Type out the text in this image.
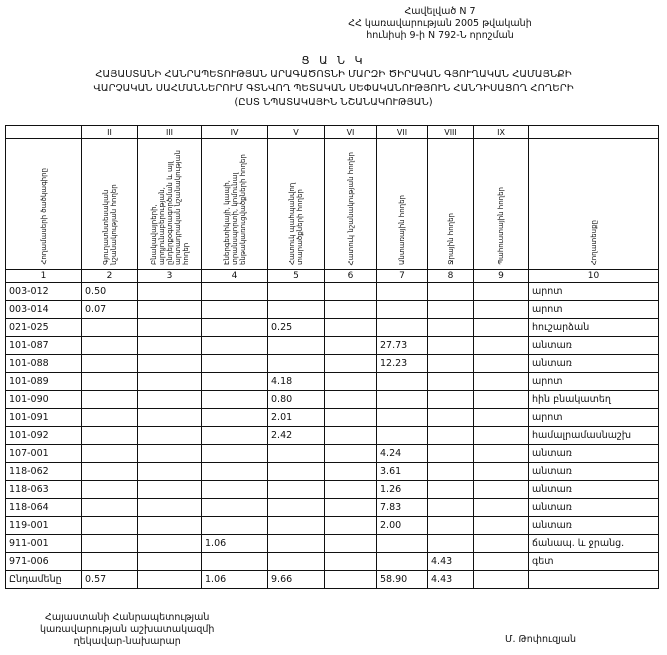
Հավելված N 7
ՀՀ կառավարության 2005 թվականի
հունիսի 9-ի N 792-Ն որոշման
Ց Ա Ն Կ
ՀԱՅԱՍՏԱՆԻ ՀԱՆՐԱՊԵՏՈՒԹՅԱՆ ԱՐԱԳԱԾՈՏՆԻ ՄԱՐԶԻ ԾԻՐԱԿԱՆ ԳՅՈՒՂԱԿԱՆ ՀԱՄԱՅՆՔԻ
ՎԱՐՉԱԿԱՆ ՍԱՀՄԱՆՆԵՐՈՒՄ ԳՏՆՎՈՂ ՊԵՏԱԿԱՆ ՍԵՓԱԿԱՆՈՒԹՅՈՒՆ ՀԱՆԴԻՍԱՑՈՂ ՀՈՂԵՐԻ
(ԸՍՏ ՆՊԱՏԱԿԱՅԻՆ ՆՇԱՆԱԿՈՒԹՅԱՆ)
	II	III	IV	V	VI	VII	VIII	IX	

Հողամասերի ծածկագիրը	Գյուղատնտեսական նշանակության հողեր	Բնակավայրերի, արդյունաբերության, ընդերքօգտագործման և այլ արտադրական նշանակության հողեր	Էներգետիկայի, կապի, տրանսպորտի, կոմունալ ենթակառուցվածքների հողեր	Հատուկ պահպանվող տարածքների հողեր	Հատուկ նշանակության հողեր	Անտառային հողեր	Ջրային հողեր	Պահուստային հողեր	Հողատեսքը

1	2	3	4	5	6	7	8	9	10
003-012	0.50								արոտ
003-014	0.07								արոտ
021-025				0.25					հուշարձան
101-087						27.73			անտառ
101-088						12.23			անտառ
101-089				4.18					արոտ
101-090				0.80					հին բնակատեղ
101-091				2.01					արոտ
101-092				2.42					համալրամասնաշխ
107-001						4.24			անտառ
118-062						3.61			անտառ
118-063						1.26			անտառ
118-064						7.83			անտառ
119-001						2.00			անտառ
911-001			1.06						ճանապ. և ջրանց.
971-006							4.43		գետ
Ընդամենը	0.57		1.06	9.66		58.90	4.43		
Հայաստանի Հանրապետության
կառավարության աշխատակազմի
ղեկավար-նախարար	Մ. Թոփուզյան
